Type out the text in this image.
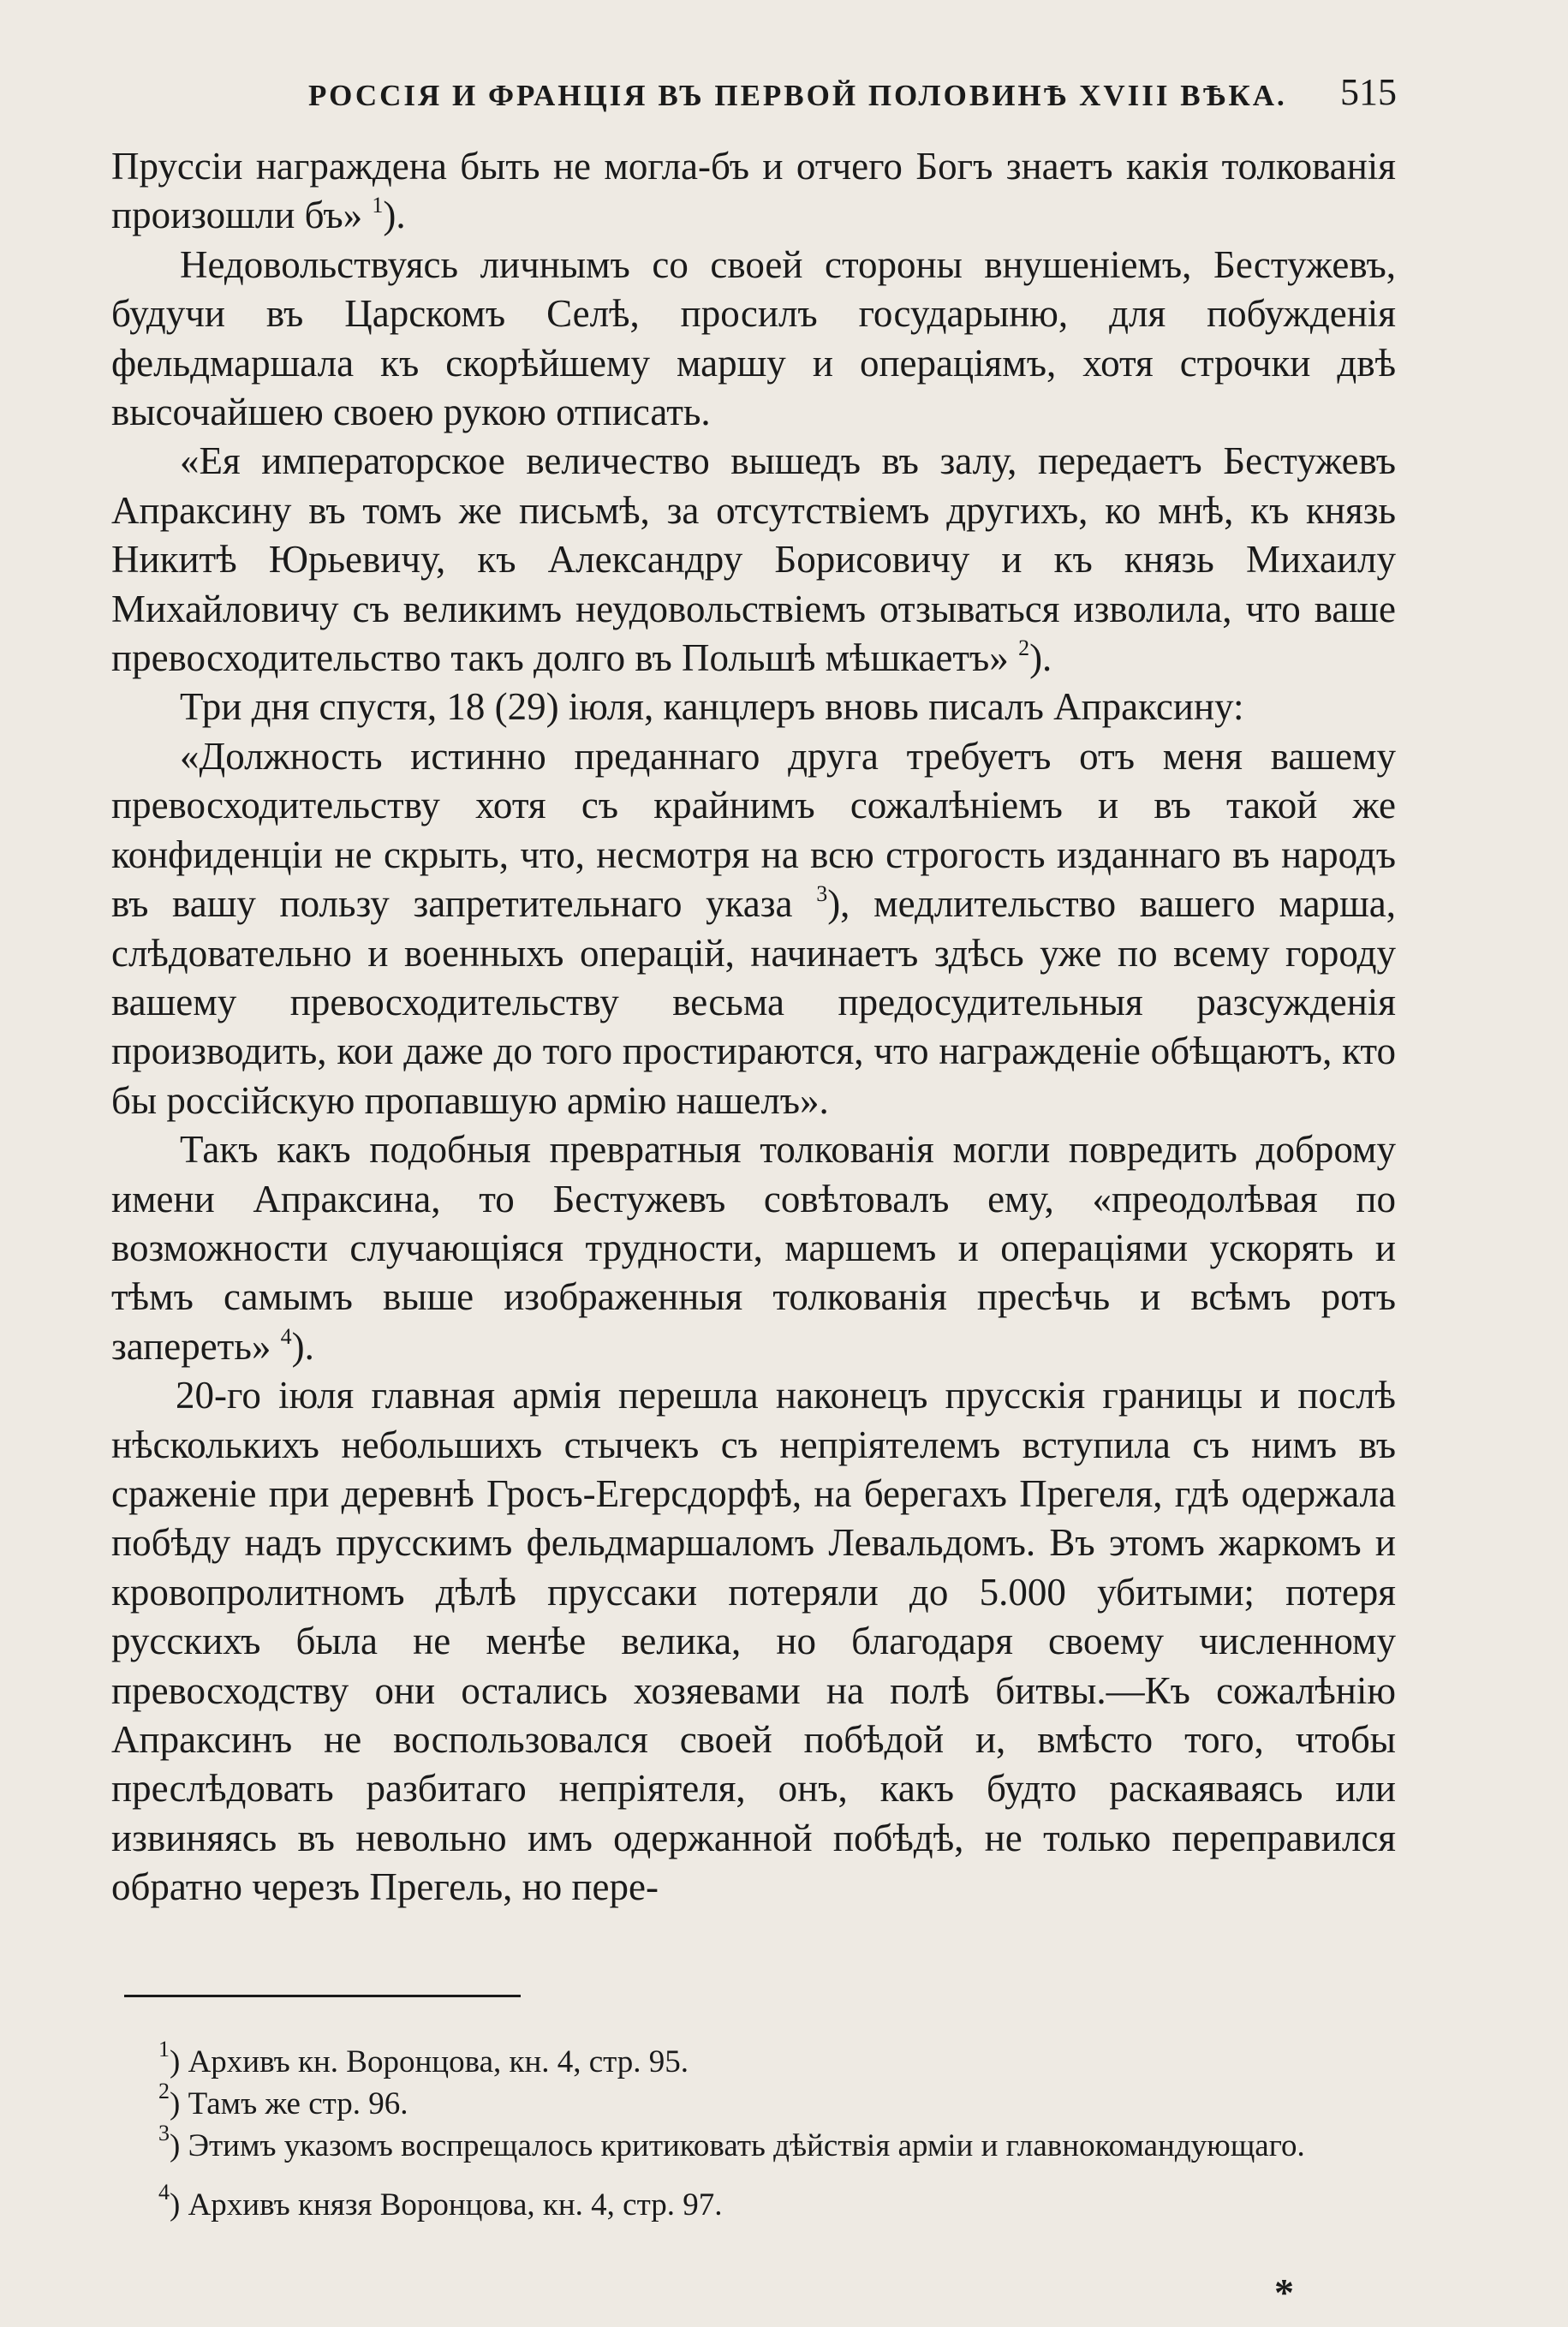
РОССІЯ И ФРАНЦІЯ ВЪ ПЕРВОЙ ПОЛОВИНѢ XVIII ВѢКА. 515

Пруссіи награждена быть не могла-бъ и отчего Богъ знаетъ какія толкованія произошли бъ» $^1$).

Недовольствуясь личнымъ со своей стороны внушеніемъ, Бестужевъ, будучи въ Царскомъ Селѣ, просилъ государыню, для побужденія фельдмаршала къ скорѣйшему маршу и операціямъ, хотя строчки двѣ высочайшею своею рукою отписать.

«Ея императорское величество вышедъ въ залу, передаетъ Бестужевъ Апраксину въ томъ же письмѣ, за отсутствіемъ другихъ, ко мнѣ, къ князь Никитѣ Юрьевичу, къ Александру Борисовичу и къ князь Михаилу Михайловичу съ великимъ неудовольствіемъ отзываться изволила, что ваше превосходительство такъ долго въ Польшѣ мѣшкаетъ» $^2$).

Три дня спустя, 18 (29) іюля, канцлеръ вновь писалъ Апраксину:

«Должность истинно преданнаго друга требуетъ отъ меня вашему превосходительству хотя съ крайнимъ сожалѣніемъ и въ такой же конфиденціи не скрыть, что, несмотря на всю строгость изданнаго въ народъ въ вашу пользу запретительнаго указа $^3$), медлительство вашего марша, слѣдовательно и военныхъ операцій, начинаетъ здѣсь уже по всему городу вашему превосходительству весьма предосудительныя разсужденія производить, кои даже до того простираются, что награжденіе обѣщаютъ, кто бы россійскую пропавшую армію нашелъ».

Такъ какъ подобныя превратныя толкованія могли повредить доброму имени Апраксина, то Бестужевъ совѣтовалъ ему, «преодолѣвая по возможности случающіяся трудности, маршемъ и операціями ускорять и тѣмъ самымъ выше изображенныя толкованія пресѣчь и всѣмъ ротъ запереть» $^4$).

20-го іюля главная армія перешла наконецъ прусскія границы и послѣ нѣсколькихъ небольшихъ стычекъ съ непріятелемъ вступила съ нимъ въ сраженіе при деревнѣ Гросъ-Егерсдорфѣ, на берегахъ Прегеля, гдѣ одержала побѣду надъ прусскимъ фельдмаршаломъ Левальдомъ. Въ этомъ жаркомъ и кровопролитномъ дѣлѣ пруссаки потеряли до 5.000 убитыми; потеря русскихъ была не менѣе велика, но благодаря своему численному превосходству они остались хозяевами на полѣ битвы.—Къ сожалѣнію Апраксинъ не воспользовался своей побѣдой и, вмѣсто того, чтобы преслѣдовать разбитаго непріятеля, онъ, какъ будто раскаяваясь или извиняясь въ невольно имъ одержанной побѣдѣ, не только переправился обратно черезъ Прегель, но пере-

$^1$) Архивъ кн. Воронцова, кн. 4, стр. 95.

$^2$) Тамъ же стр. 96.

$^3$) Этимъ указомъ воспрещалось критиковать дѣйствія арміи и главнокомандующаго.

$^4$) Архивъ князя Воронцова, кн. 4, стр. 97.

*
